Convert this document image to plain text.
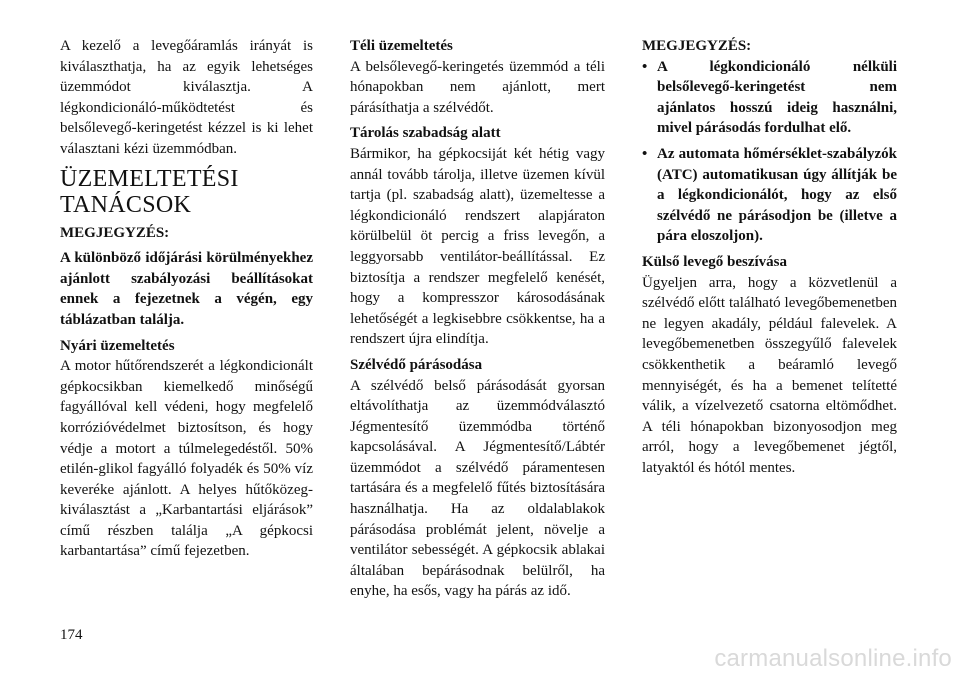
A kezelő a levegőáramlás irányát is kiválaszthatja, ha az egyik lehetséges üzemmódot kiválasztja. A légkondicionáló-működtetést és belsőlevegő-keringetést kézzel is ki lehet választani kézi üzemmódban.

ÜZEMELTETÉSI
TANÁCSOK
MEGJEGYZÉS:

A különböző időjárási körülményekhez ajánlott szabályozási beállításokat ennek a fejezetnek a végén, egy táblázatban találja.

Nyári üzemeltetés

A motor hűtőrendszerét a légkondicionált gépkocsikban kiemelkedő minőségű fagyállóval kell védeni, hogy megfelelő korrózióvédelmet biztosítson, és hogy védje a motort a túlmelegedéstől. 50% etilén-glikol fagyálló folyadék és 50% víz keveréke ajánlott. A helyes hűtőközeg-kiválasztást a „Karbantartási eljárások” című részben találja „A gépkocsi karbantartása” című fejezetben.

Téli üzemeltetés

A belsőlevegő-keringetés üzemmód a téli hónapokban nem ajánlott, mert párásíthatja a szélvédőt.

Tárolás szabadság alatt

Bármikor, ha gépkocsiját két hétig vagy annál tovább tárolja, illetve üzemen kívül tartja (pl. szabadság alatt), üzemeltesse a légkondicionáló rendszert alapjáraton körülbelül öt percig a friss levegőn, a leggyorsabb ventilátor-beállítással. Ez biztosítja a rendszer megfelelő kenését, hogy a kompresszor károsodásának lehetőségét a legkisebbre csökkentse, ha a rendszert újra elindítja.

Szélvédő párásodása

A szélvédő belső párásodását gyorsan eltávolíthatja az üzemmódválasztó Jégmentesítő üzemmódba történő kapcsolásával. A Jégmentesítő/Lábtér üzemmódot a szélvédő páramentesen tartására és a megfelelő fűtés biztosítására használhatja. Ha az oldalablakok párásodása problémát jelent, növelje a ventilátor sebességét. A gépkocsik ablakai általában bepárásodnak belülről, ha enyhe, ha esős, vagy ha párás az idő.

MEGJEGYZÉS:
• A légkondicionáló nélküli belsőlevegő-keringetést nem ajánlatos hosszú ideig használni, mivel párásodás fordulhat elő.
• Az automata hőmérséklet-szabályzók (ATC) automatikusan úgy állítják be a légkondicionálót, hogy az első szélvédő ne párásodjon be (illetve a pára eloszoljon).
Külső levegő beszívása

Ügyeljen arra, hogy a közvetlenül a szélvédő előtt található levegőbemenetben ne legyen akadály, például falevelek. A levegőbemenetben összegyűlő falevelek csökkenthetik a beáramló levegő mennyiségét, és ha a bemenet telítetté válik, a vízelvezető csatorna eltömődhet. A téli hónapokban bizonyosodjon meg arról, hogy a levegőbemenet jégtől, latyaktól és hótól mentes.

174
carmanualsonline.info
